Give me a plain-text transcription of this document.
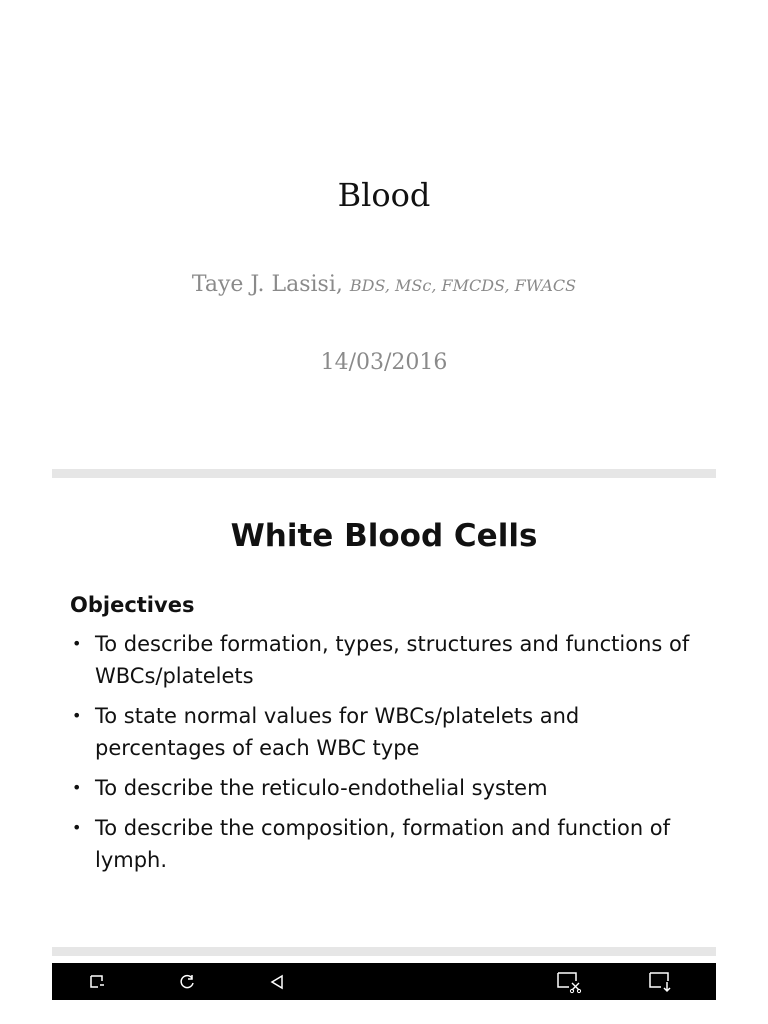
Blood
Taye J. Lasisi, BDS, MSc, FMCDS, FWACS
14/03/2016
White Blood Cells
Objectives
• To describe formation, types, structures and functions of WBCs/platelets
• To state normal values for WBCs/platelets and percentages of each WBC type
• To describe the reticulo-endothelial system
• To describe the composition, formation and function of lymph.
